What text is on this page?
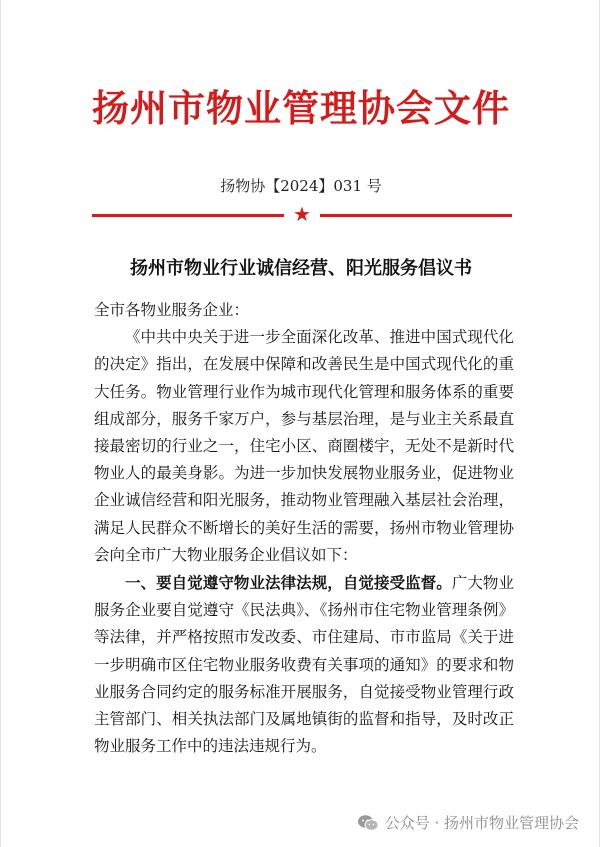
扬州市物业管理协会文件
扬物协【2024】031 号
★
扬州市物业行业诚信经营、阳光服务倡议书

全市各物业服务企业：

《中共中央关于进一步全面深化改革、推进中国式现代化的决定》指出，在发展中保障和改善民生是中国式现代化的重大任务。物业管理行业作为城市现代化管理和服务体系的重要组成部分，服务千家万户，参与基层治理，是与业主关系最直接最密切的行业之一，住宅小区、商圈楼宇，无处不是新时代物业人的最美身影。为进一步加快发展物业服务业，促进物业企业诚信经营和阳光服务，推动物业管理融入基层社会治理，满足人民群众不断增长的美好生活的需要，扬州市物业管理协会向全市广大物业服务企业倡议如下：

一、要自觉遵守物业法律法规，自觉接受监督。广大物业服务企业要自觉遵守《民法典》、《扬州市住宅物业管理条例》等法律，并严格按照市发改委、市住建局、市市监局《关于进一步明确市区住宅物业服务收费有关事项的通知》的要求和物业服务合同约定的服务标准开展服务，自觉接受物业管理行政主管部门、相关执法部门及属地镇街的监督和指导，及时改正物业服务工作中的违法违规行为。

公众号 · 扬州市物业管理协会
